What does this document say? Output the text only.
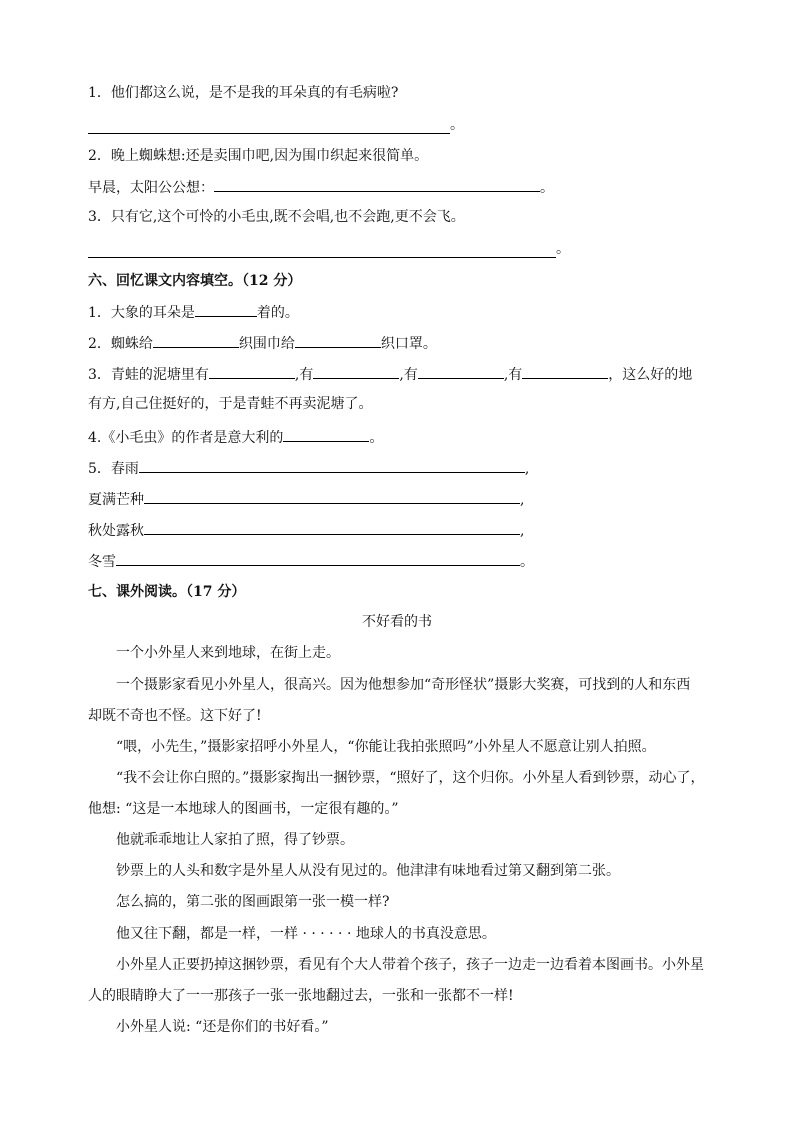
1．他们都这么说，是不是我的耳朵真的有毛病啦?
。
2．晚上蜘蛛想:还是卖围巾吧,因为围巾织起来很简单。
早晨，太阳公公想：	。
3．只有它,这个可怜的小毛虫,既不会唱,也不会跑,更不会飞。
。
六、回忆课文内容填空。（12 分）
1．大象的耳朵是	着的。
2．蜘蛛给	织围巾给	织口罩。
3．青蛙的泥塘里有	,有	,有	,有	，这么好的地
有方,自己住挺好的，于是青蛙不再卖泥塘了。
4.《小毛虫》的作者是意大利的	。
5．春雨	,
夏满芒种	,
秋处露秋	,
冬雪	。
七、课外阅读。（17 分）
不好看的书
一个小外星人来到地球，在街上走。
一个摄影家看见小外星人，很高兴。因为他想参加“奇形怪状”摄影大奖赛，可找到的人和东西
却既不奇也不怪。这下好了!
“喂，小先生，”摄影家招呼小外星人，“你能让我拍张照吗”小外星人不愿意让别人拍照。
“我不会让你白照的。”摄影家掏出一捆钞票，“照好了，这个归你。小外星人看到钞票，动心了，
他想: “这是一本地球人的图画书，一定很有趣的。”
他就乖乖地让人家拍了照，得了钞票。
钞票上的人头和数字是外星人从没有见过的。他津津有味地看过第又翻到第二张。
怎么搞的，第二张的图画跟第一张一模一样?
他又往下翻，都是一样，一样 · · · · · · 地球人的书真没意思。
小外星人正要扔掉这捆钞票，看见有个大人带着个孩子，孩子一边走一边看着本图画书。小外星
人的眼睛睁大了一一那孩子一张一张地翻过去，一张和一张都不一样!
小外星人说: “还是你们的书好看。”
